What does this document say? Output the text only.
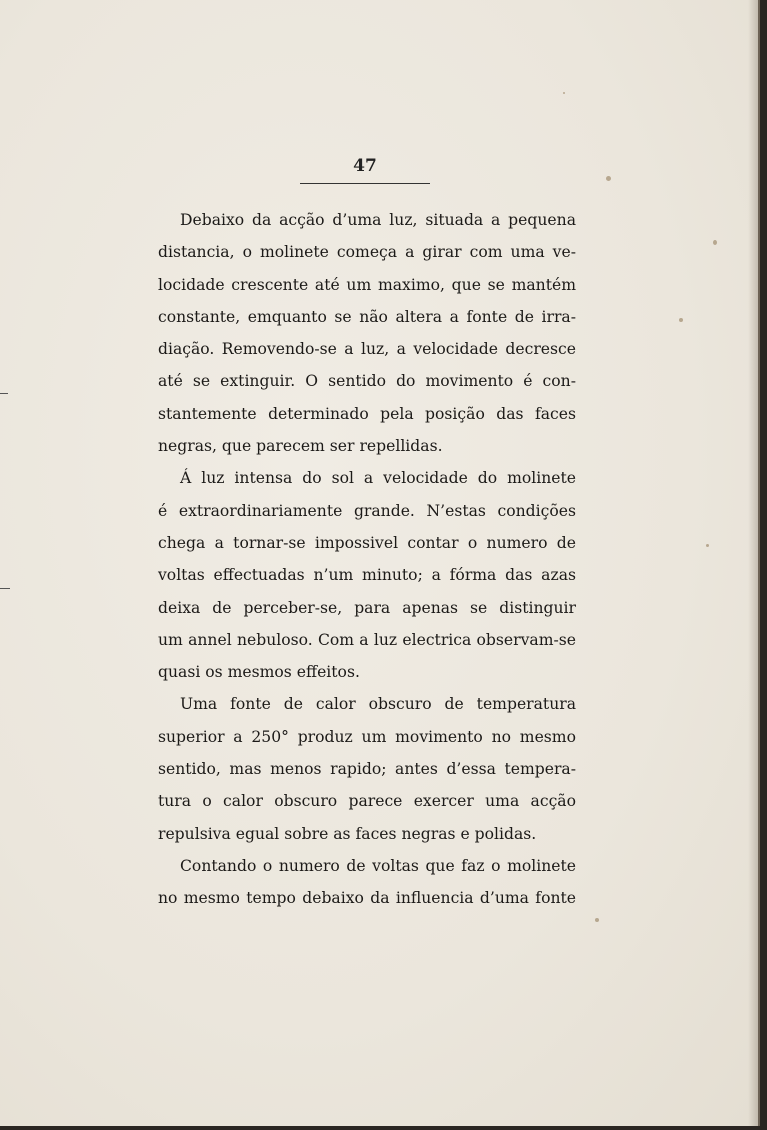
47
Debaixo da acção d’uma luz, situada a pequena
distancia, o molinete começa a girar com uma ve-
locidade crescente até um maximo, que se mantém
constante, emquanto se não altera a fonte de irra-
diação. Removendo-se a luz, a velocidade decresce
até se extinguir. O sentido do movimento é con-
stantemente determinado pela posição das faces
negras, que parecem ser repellidas.
Á luz intensa do sol a velocidade do molinete
é extraordinariamente grande. N’estas condições
chega a tornar-se impossivel contar o numero de
voltas effectuadas n’um minuto; a fórma das azas
deixa de perceber-se, para apenas se distinguir
um annel nebuloso. Com a luz electrica observam-se
quasi os mesmos effeitos.
Uma fonte de calor obscuro de temperatura
superior a 250° produz um movimento no mesmo
sentido, mas menos rapido; antes d’essa tempera-
tura o calor obscuro parece exercer uma acção
repulsiva egual sobre as faces negras e polidas.
Contando o numero de voltas que faz o molinete
no mesmo tempo debaixo da influencia d’uma fonte
